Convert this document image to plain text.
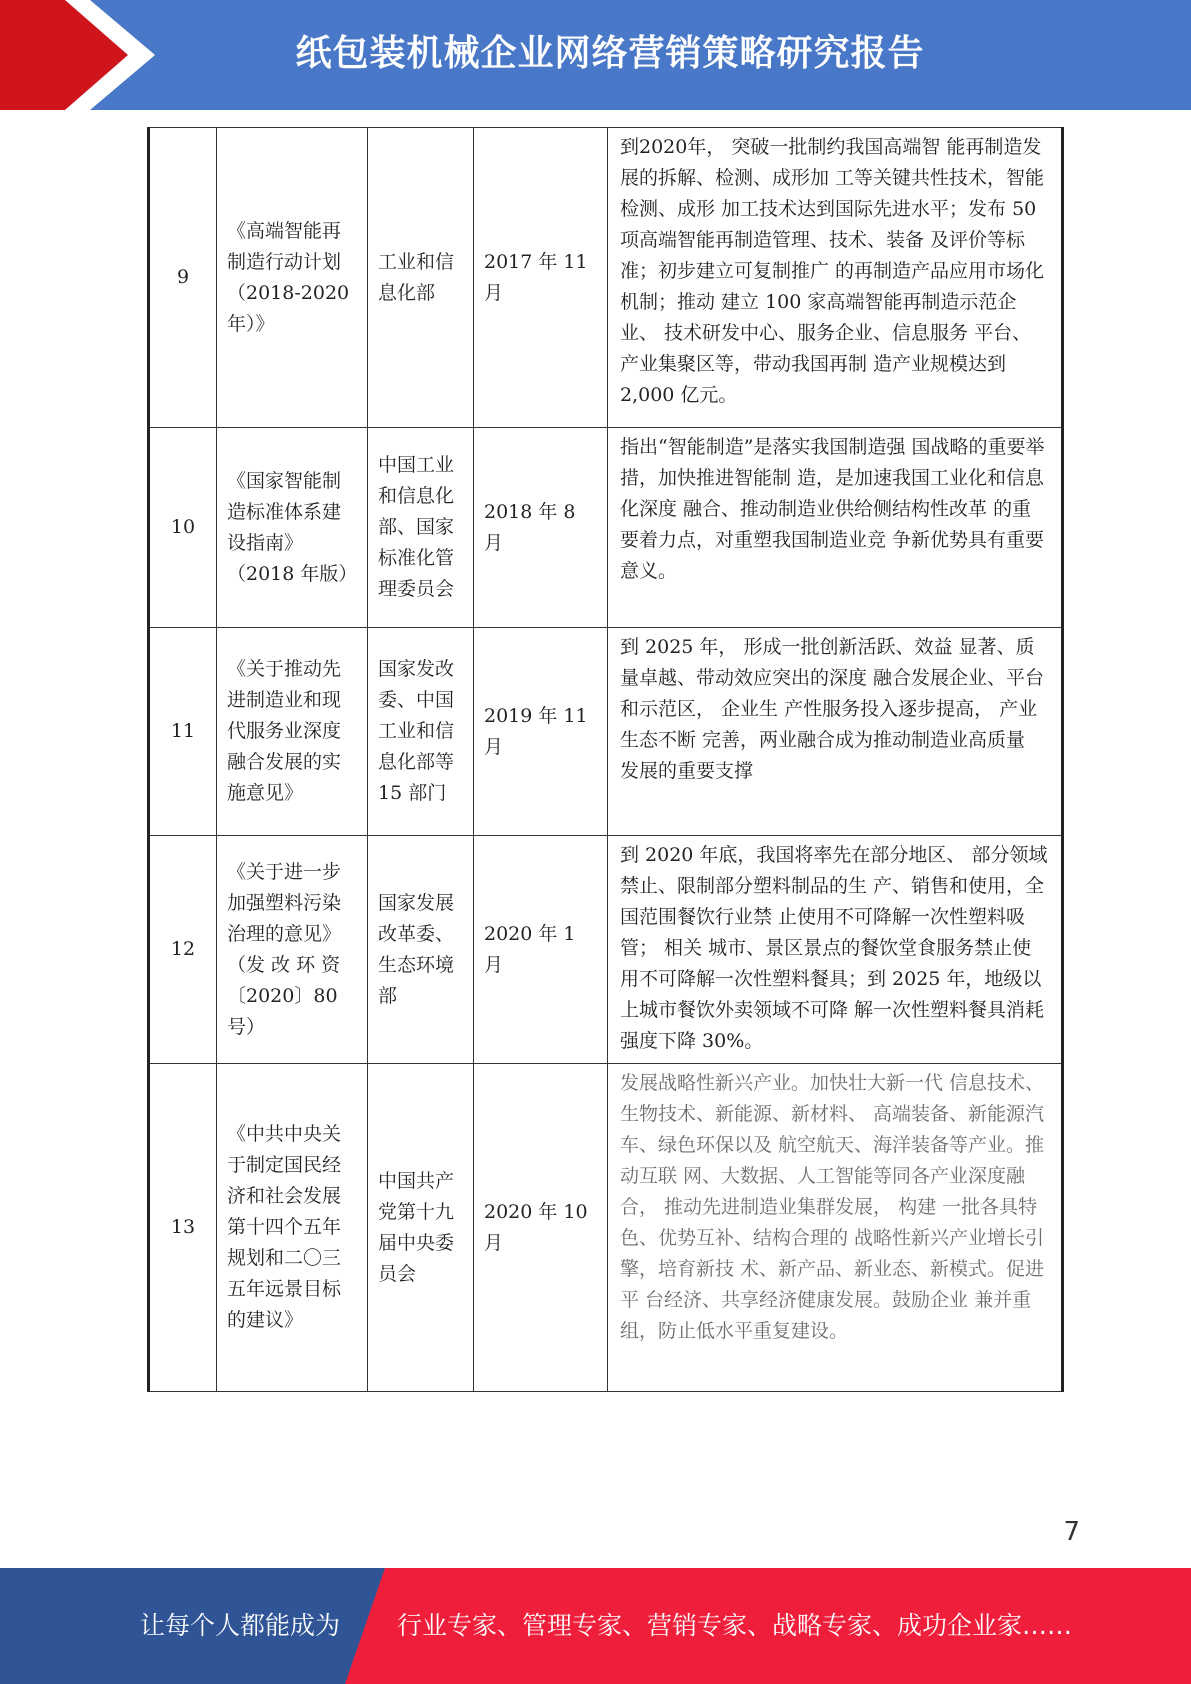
纸包装机械企业网络营销策略研究报告
9	《高端智能再制造行动计划（2018-2020年）》	工业和信息化部	2017 年 11 月	到2020年， 突破一批制约我国高端智 能再制造发展的拆解、检测、成形加 工等关键共性技术，智能检测、成形 加工技术达到国际先进水平；发布 50 项高端智能再制造管理、技术、装备 及评价等标准；初步建立可复制推广 的再制造产品应用市场化机制；推动 建立 100 家高端智能再制造示范企业、 技术研发中心、服务企业、信息服务 平台、产业集聚区等，带动我国再制 造产业规模达到 2,000 亿元。
10	《国家智能制造标准体系建设指南》（2018 年版）	中国工业和信息化部、国家标准化管理委员会	2018 年 8 月	指出“智能制造”是落实我国制造强 国战略的重要举措，加快推进智能制 造，是加速我国工业化和信息化深度 融合、推动制造业供给侧结构性改革 的重要着力点，对重塑我国制造业竞 争新优势具有重要意义。
11	《关于推动先 进制造业和现 代服务业深度 融合发展的实 施意见》	国家发改委、中国工业和信息化部等 15 部门	2019 年 11 月	到 2025 年， 形成一批创新活跃、效益 显著、质量卓越、带动效应突出的深度 融合发展企业、平台和示范区， 企业生 产性服务投入逐步提高， 产业生态不断 完善，两业融合成为推动制造业高质量 发展的重要支撑
12	《关于进一步 加强塑料污染 治理的意见》（发 改 环 资 〔2020〕80 号）	国家发展改革委、生态环境部	2020 年 1 月	到 2020 年底，我国将率先在部分地区、 部分领域禁止、限制部分塑料制品的生 产、销售和使用，全国范围餐饮行业禁 止使用不可降解一次性塑料吸管； 相关 城市、景区景点的餐饮堂食服务禁止使用不可降解一次性塑料餐具；到 2025 年，地级以上城市餐饮外卖领域不可降 解一次性塑料餐具消耗强度下降 30%。
13	《中共中央关 于制定国民经 济和社会发展 第十四个五年 规划和二〇三五年远景目标 的建议》	中国共产党第十九届中央委员会	2020 年 10 月	发展战略性新兴产业。加快壮大新一代 信息技术、生物技术、新能源、新材料、 高端装备、新能源汽车、绿色环保以及 航空航天、海洋装备等产业。推动互联 网、大数据、人工智能等同各产业深度融合， 推动先进制造业集群发展， 构建 一批各具特色、优势互补、结构合理的 战略性新兴产业增长引擎，培育新技 术、新产品、新业态、新模式。促进平 台经济、共享经济健康发展。鼓励企业 兼并重组，防止低水平重复建设。
7
让每个人都能成为 行业专家、管理专家、营销专家、战略专家、成功企业家……
